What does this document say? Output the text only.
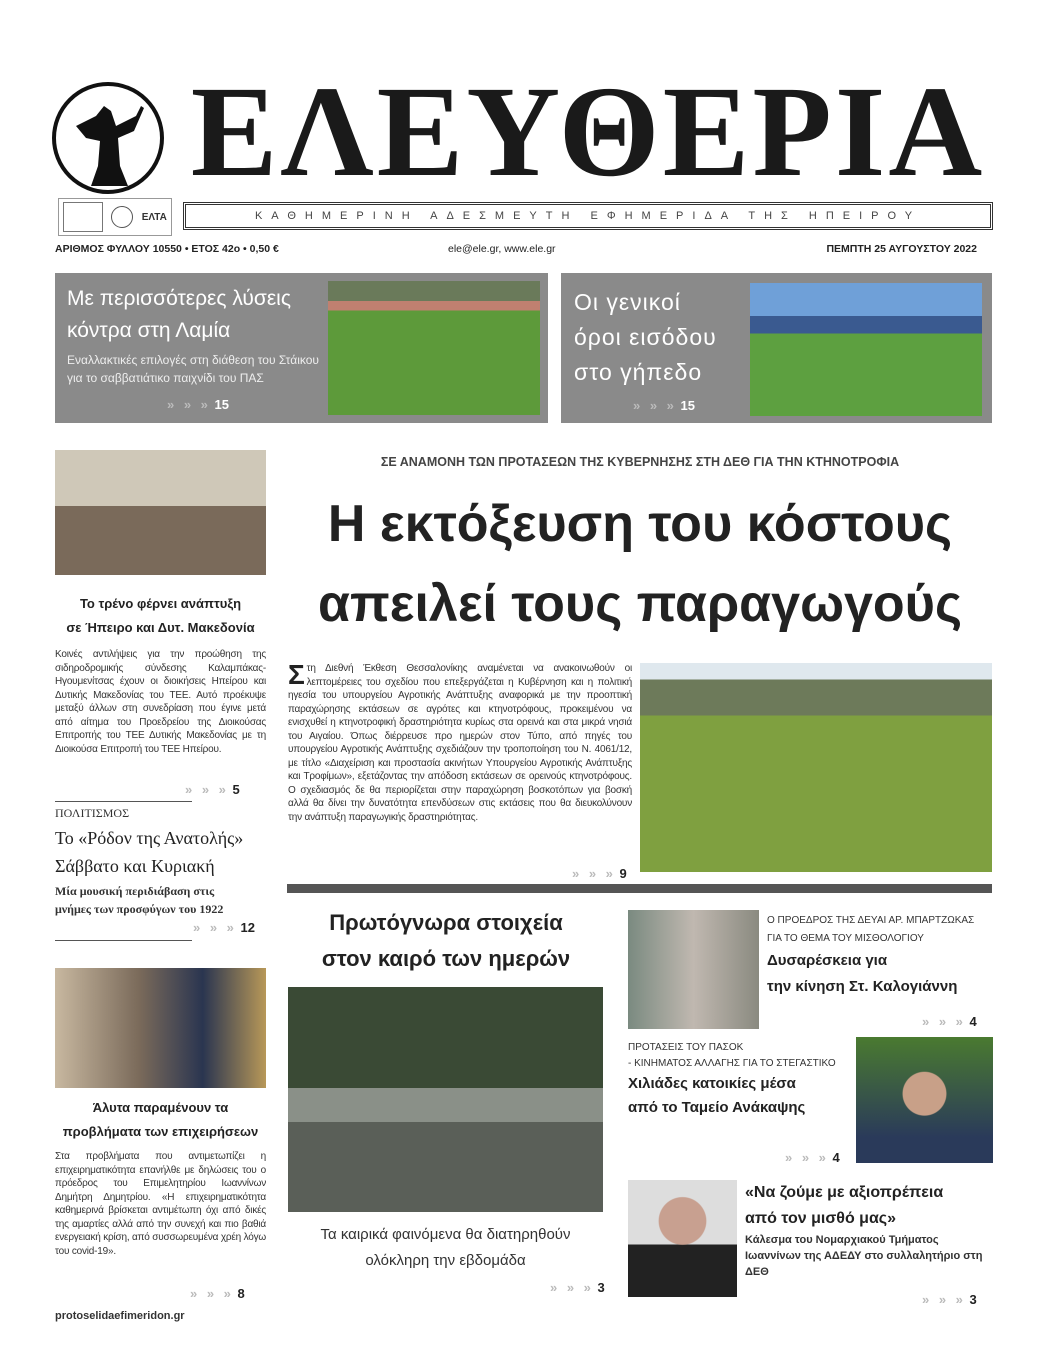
ΕΛΕΥΘΕΡΙΑ
ΕΛΤΑ	ΚΑΘΗΜΕΡΙΝΗ ΑΔΕΣΜΕΥΤΗ ΕΦΗΜΕΡΙΔΑ ΤΗΣ ΗΠΕΙΡΟΥ
ΑΡΙΘΜΟΣ ΦΥΛΛΟΥ 10550 • ΕΤΟΣ 42ο • 0,50 €	ele@ele.gr, www.ele.gr	ΠΕΜΠΤΗ 25 ΑΥΓΟΥΣΤΟΥ 2022
Με περισσότερες λύσεις
κόντρα στη Λαμία
Εναλλακτικές επιλογές στη διάθεση του Στάικου για το σαββατιάτικο παιχνίδι του ΠΑΣ
» » » 15
Οι γενικοί
όροι εισόδου
στο γήπεδο
» » » 15
Το τρένο φέρνει ανάπτυξη
σε Ήπειρο και Δυτ. Μακεδονία
Κοινές αντιλήψεις για την προώθηση της σιδηροδρομικής σύνδεσης Καλαμπάκας- Ηγουμενίτσας έχουν οι διοικήσεις Ηπείρου και Δυτικής Μακεδονίας του ΤΕΕ. Αυτό προέκυψε μεταξύ άλλων στη συνεδρίαση που έγινε μετά από αίτημα του Προεδρείου της Διοικούσας Επιτροπής του ΤΕΕ Δυτικής Μακεδονίας με τη Διοικούσα Επιτροπή του ΤΕΕ Ηπείρου.
» » » 5
ΠΟΛΙΤΙΣΜΟΣ
Το «Ρόδον της Ανατολής»
Σάββατο και Κυριακή
Μία μουσική περιδιάβαση στις μνήμες των προσφύγων του 1922
» » » 12
Άλυτα παραμένουν τα
προβλήματα των επιχειρήσεων
Στα προβλήματα που αντιμετωπίζει η επιχειρηματικότητα επανήλθε με δηλώσεις του ο πρόεδρος του Επιμελητηρίου Ιωαννίνων Δημήτρη Δημητρίου. «Η επιχειρηματικότητα καθημερινά βρίσκεται αντιμέτωπη όχι από δικές της αμαρτίες αλλά από την συνεχή και πιο βαθιά ενεργειακή κρίση, από συσσωρευμένα χρέη λόγω του covid-19».
» » » 8
protoselidaefimeridon.gr
ΣΕ ΑΝΑΜΟΝΗ ΤΩΝ ΠΡΟΤΑΣΕΩΝ ΤΗΣ ΚΥΒΕΡΝΗΣΗΣ ΣΤΗ ΔΕΘ ΓΙΑ ΤΗΝ ΚΤΗΝΟΤΡΟΦΙΑ
Η εκτόξευση του κόστους
απειλεί τους παραγωγούς
Στη Διεθνή Έκθεση Θεσσαλονίκης αναμένεται να ανακοινωθούν οι λεπτομέρειες του σχεδίου που επεξεργάζεται η Κυβέρνηση και η πολιτική ηγεσία του υπουργείου Αγροτικής Ανάπτυξης αναφορικά με την προοπτική παραχώρησης εκτάσεων σε αγρότες και κτηνοτρόφους, προκειμένου να ενισχυθεί η κτηνοτροφική δραστηριότητα κυρίως στα ορεινά και στα μικρά νησιά του Αιγαίου. Όπως διέρρευσε προ ημερών στον Τύπο, από πηγές του υπουργείου Αγροτικής Ανάπτυξης σχεδιάζουν την τροποποίηση του Ν. 4061/12, με τίτλο «Διαχείριση και προστασία ακινήτων Υπουργείου Αγροτικής Ανάπτυξης και Τροφίμων», εξετάζοντας την απόδοση εκτάσεων σε ορεινούς κτηνοτρόφους. Ο σχεδιασμός δε θα περιορίζεται στην παραχώρηση βοσκοτόπων για βοσκή αλλά θα δίνει την δυνατότητα επενδύσεων στις εκτάσεις που θα διευκολύνουν την ανάπτυξη παραγωγικής δραστηριότητας.
» » » 9
Πρωτόγνωρα στοιχεία
στον καιρό των ημερών
Τα καιρικά φαινόμενα θα διατηρηθούν
ολόκληρη την εβδομάδα
» » » 3
Ο ΠΡΟΕΔΡΟΣ ΤΗΣ ΔΕΥΑΙ ΑΡ. ΜΠΑΡΤΖΩΚΑΣ
ΓΙΑ ΤΟ ΘΕΜΑ ΤΟΥ ΜΙΣΘΟΛΟΓΙΟΥ
Δυσαρέσκεια για
την κίνηση Στ. Καλογιάννη
» » » 4
ΠΡΟΤΑΣΕΙΣ ΤΟΥ ΠΑΣΟΚ
- ΚΙΝΗΜΑΤΟΣ ΑΛΛΑΓΗΣ ΓΙΑ ΤΟ ΣΤΕΓΑΣΤΙΚΟ
Χιλιάδες κατοικίες μέσα
από το Ταμείο Ανάκαψης
» » » 4
«Να ζούμε με αξιοπρέπεια
από τον μισθό μας»
Κάλεσμα του Νομαρχιακού Τμήματος Ιωαννίνων της ΑΔΕΔΥ στο συλλαλητήριο στη ΔΕΘ
» » » 3
